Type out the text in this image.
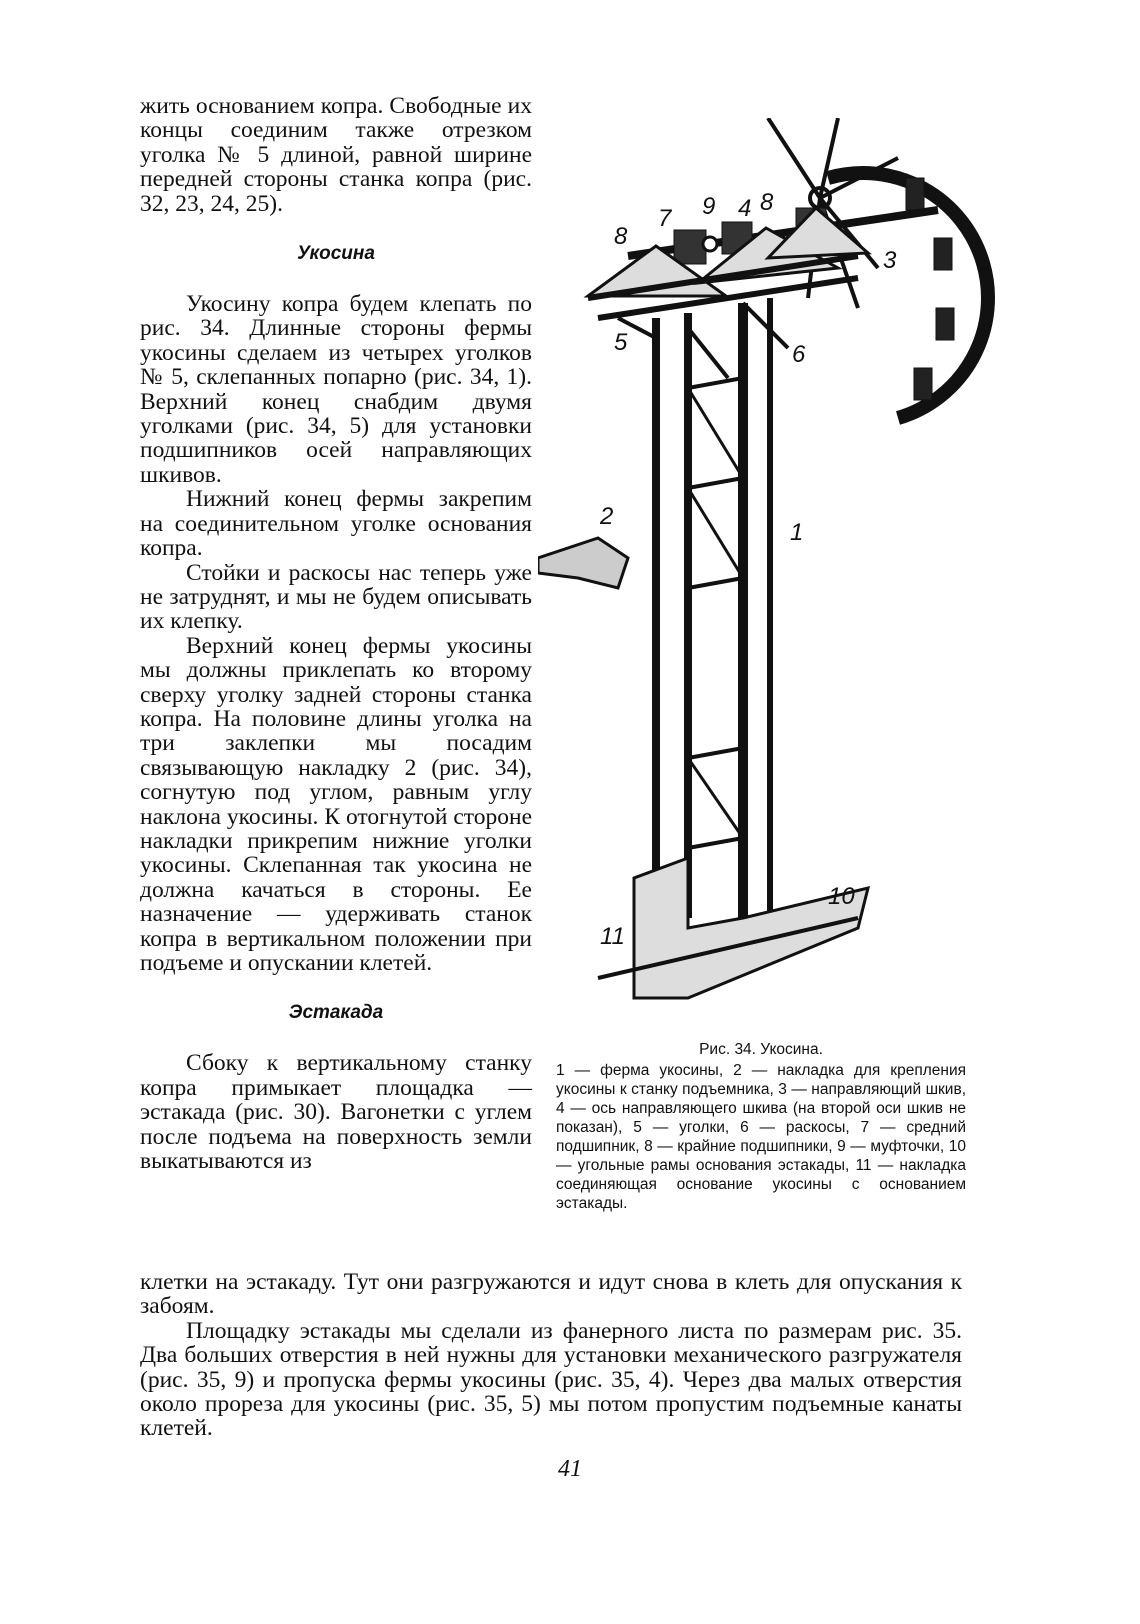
жить основанием копра. Свободные их концы соединим также отрезком уголка № 5 длиной, равной ширине передней стороны станка копра (рис. 32, 23, 24, 25).

Укосина

Укосину копра будем клепать по рис. 34. Длинные стороны фермы укосины сделаем из четырех уголков № 5, склепанных попарно (рис. 34, 1). Верхний конец снабдим двумя уголками (рис. 34, 5) для установки подшипников осей направляющих шкивов.

Нижний конец фермы закрепим на соединительном уголке основания копра.

Стойки и раскосы нас теперь уже не затруднят, и мы не будем описывать их клепку.

Верхний конец фермы укосины мы должны приклепать ко второму сверху уголку задней стороны станка копра. На половине длины уголка на три заклепки мы посадим связывающую накладку 2 (рис. 34), согнутую под углом, равным углу наклона укосины. К отогнутой стороне накладки прикрепим нижние уголки укосины. Склепанная так укосина не должна качаться в стороны. Ее назначение — удерживать станок копра в вертикальном положении при подъеме и опускании клетей.

Эстакада

Сбоку к вертикальному станку копра примыкает площадка — эстакада (рис. 30). Вагонетки с углем после подъема на поверхность земли выкатываются из

3
4
5	6
7
8
9 8
1
2
10
11
Рис. 34. Укосина.

1 — ферма укосины, 2 — накладка для крепления укосины к станку подъемника, 3 — направляющий шкив, 4 — ось направляющего шкива (на второй оси шкив не показан), 5 — уголки, 6 — раскосы, 7 — средний подшипник, 8 — крайние подшипники, 9 — муфточки, 10 — угольные рамы основания эстакады, 11 — накладка соединяющая основание укосины с основанием эстакады.

клетки на эстакаду. Тут они разгружаются и идут снова в клеть для опускания к забоям.

Площадку эстакады мы сделали из фанерного листа по размерам рис. 35. Два больших отверстия в ней нужны для установки механического разгружателя (рис. 35, 9) и пропуска фермы укосины (рис. 35, 4). Через два малых отверстия около прореза для укосины (рис. 35, 5) мы потом пропустим подъемные канаты клетей.

41
